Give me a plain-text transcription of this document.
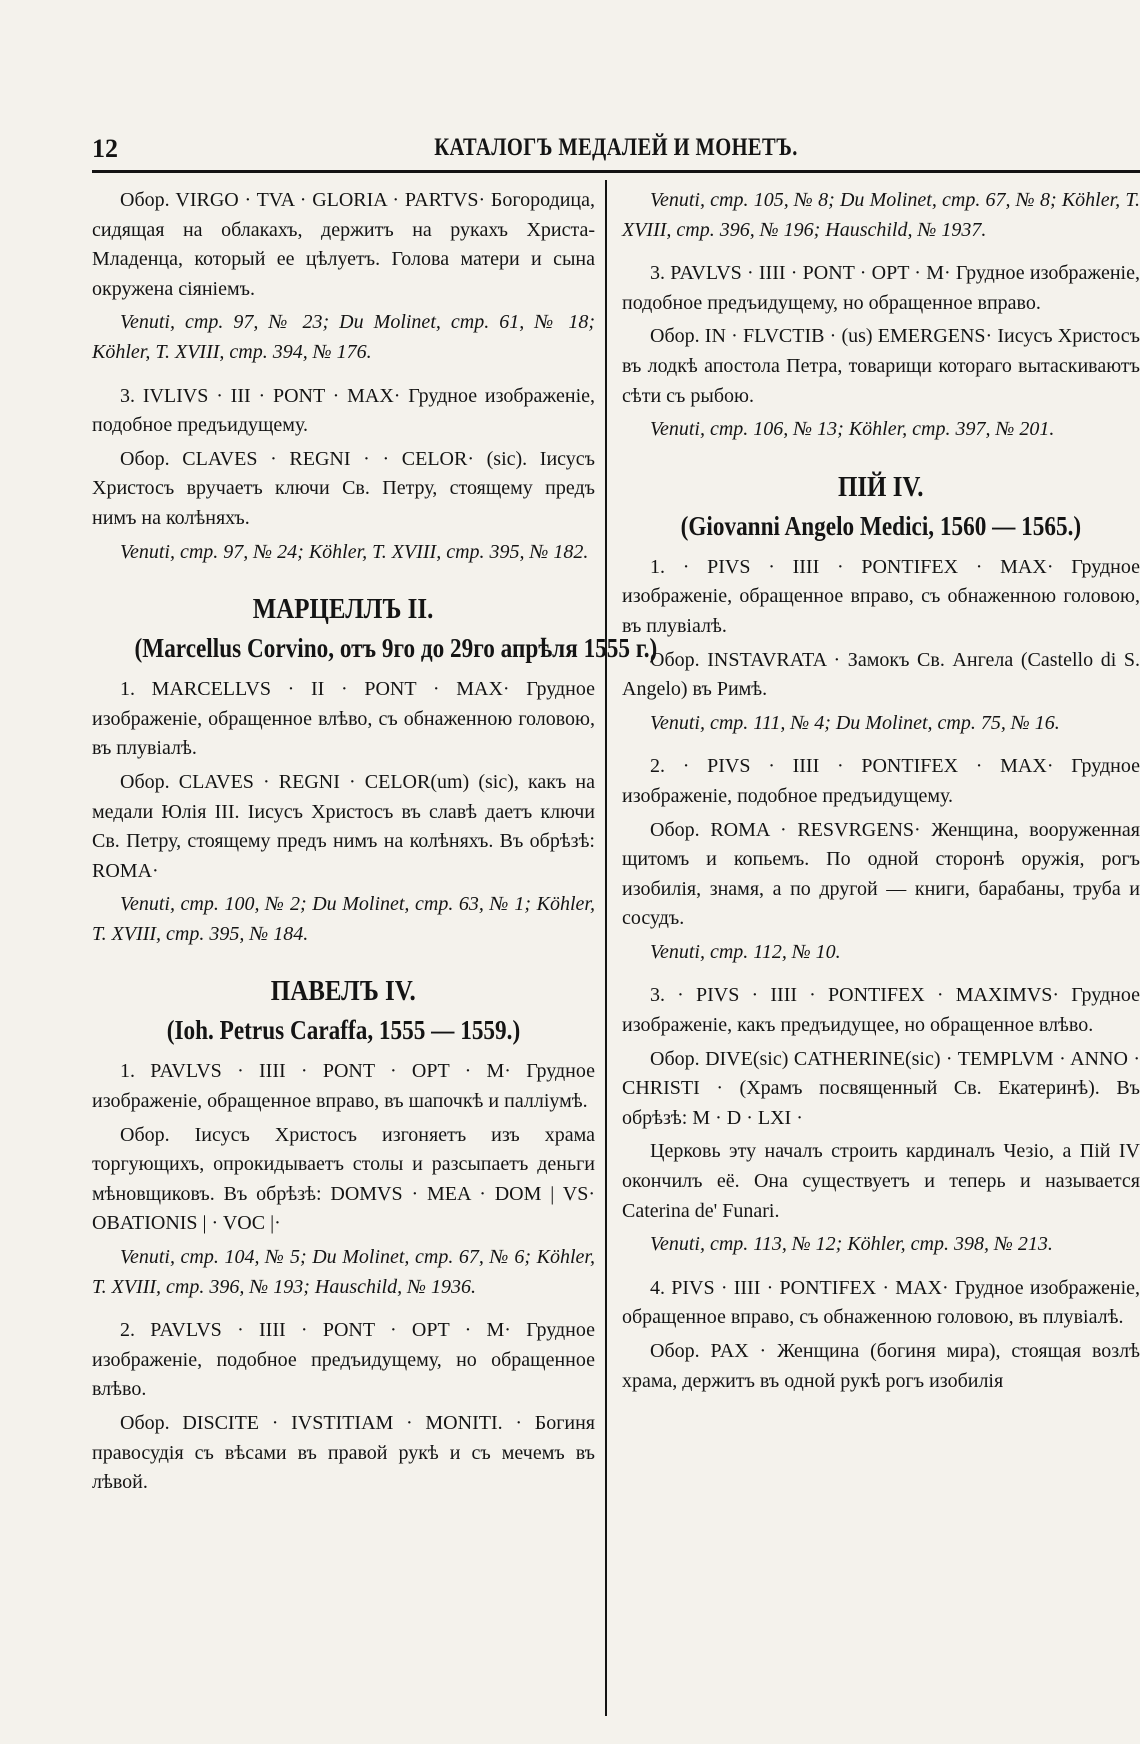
12	КАТАЛОГЪ МЕДАЛЕЙ И МОНЕТЪ.

Обор. VIRGO · TVA · GLORIA · PARTVS· Богородица, сидящая на облакахъ, держитъ на рукахъ Христа-Младенца, который ее цѣлуетъ. Голова матери и сына окружена сіяніемъ.

Venuti, стр. 97, № 23; Du Molinet, стр. 61, № 18; Köhler, T. XVIII, стр. 394, № 176.

3. IVLIVS · III · PONT · MAX· Грудное изображеніе, подобное предъидущему.

Обор. CLAVES · REGNI · · CELOR· (sic). Іисусъ Христосъ вручаетъ ключи Св. Петру, стоящему предъ нимъ на колѣняхъ.

Venuti, стр. 97, № 24; Köhler, T. XVIII, стр. 395, № 182.

МАРЦЕЛЛЪ II.
(Marcellus Corvino, отъ 9го до 29го апрѣля 1555 г.)

1. MARCELLVS · II · PONT · MAX· Грудное изображеніе, обращенное влѣво, съ обнаженною головою, въ плувіалѣ.

Обор. CLAVES · REGNI · CELOR(um) (sic), какъ на медали Юлія III. Іисусъ Христосъ въ славѣ даетъ ключи Св. Петру, стоящему предъ нимъ на колѣняхъ. Въ обрѣзѣ: ROMA·

Venuti, стр. 100, № 2; Du Molinet, стр. 63, № 1; Köhler, T. XVIII, стр. 395, № 184.

ПАВЕЛЪ IV.
(Ioh. Petrus Caraffa, 1555 — 1559.)

1. PAVLVS · IIII · PONT · OPT · M· Грудное изображеніе, обращенное вправо, въ шапочкѣ и палліумѣ.

Обор. Іисусъ Христосъ изгоняетъ изъ храма торгующихъ, опрокидываетъ столы и разсыпаетъ деньги мѣновщиковъ. Въ обрѣзѣ: DOMVS · MEA · DOM | VS· OBATIONIS | · VOC |·

Venuti, стр. 104, № 5; Du Molinet, стр. 67, № 6; Köhler, T. XVIII, стр. 396, № 193; Hauschild, № 1936.

2. PAVLVS · IIII · PONT · OPT · M· Грудное изображеніе, подобное предъидущему, но обращенное влѣво.

Обор. DISCITE · IVSTITIAM · MONITI. · Богиня правосудія съ вѣсами въ правой рукѣ и съ мечемъ въ лѣвой.

Venuti, стр. 105, № 8; Du Molinet, стр. 67, № 8; Köhler, T. XVIII, стр. 396, № 196; Hauschild, № 1937.

3. PAVLVS · IIII · PONT · OPT · M· Грудное изображеніе, подобное предъидущему, но обращенное вправо.

Обор. IN · FLVCTIB · (us) EMERGENS· Іисусъ Христосъ въ лодкѣ апостола Петра, товарищи котораго вытаскиваютъ сѣти съ рыбою.

Venuti, стр. 106, № 13; Köhler, стр. 397, № 201.

ПІЙ IV.
(Giovanni Angelo Medici, 1560 — 1565.)

1. · PIVS · IIII · PONTIFEX · MAX· Грудное изображеніе, обращенное вправо, съ обнаженною головою, въ плувіалѣ.

Обор. INSTAVRATA · Замокъ Св. Ангела (Castello di S. Angelo) въ Римѣ.

Venuti, стр. 111, № 4; Du Molinet, стр. 75, № 16.

2. · PIVS · IIII · PONTIFEX · MAX· Грудное изображеніе, подобное предъидущему.

Обор. ROMA · RESVRGENS· Женщина, вооруженная щитомъ и копьемъ. По одной сторонѣ оружія, рогъ изобилія, знамя, а по другой — книги, барабаны, труба и сосудъ.

Venuti, стр. 112, № 10.

3. · PIVS · IIII · PONTIFEX · MAXIMVS· Грудное изображеніе, какъ предъидущее, но обращенное влѣво.

Обор. DIVE(sic) CATHERINE(sic) · TEMPLVM · ANNO · CHRISTI · (Храмъ посвященный Св. Екатеринѣ). Въ обрѣзѣ: M · D · LXI ·

Церковь эту началъ строить кардиналъ Чезіо, а Пій IV окончилъ её. Она существуетъ и теперь и называется Caterina de' Funari.

Venuti, стр. 113, № 12; Köhler, стр. 398, № 213.

4. PIVS · IIII · PONTIFEX · MAX· Грудное изображеніе, обращенное вправо, съ обнаженною головою, въ плувіалѣ.

Обор. PAX · Женщина (богиня мира), стоящая возлѣ храма, держитъ въ одной рукѣ рогъ изобилія
